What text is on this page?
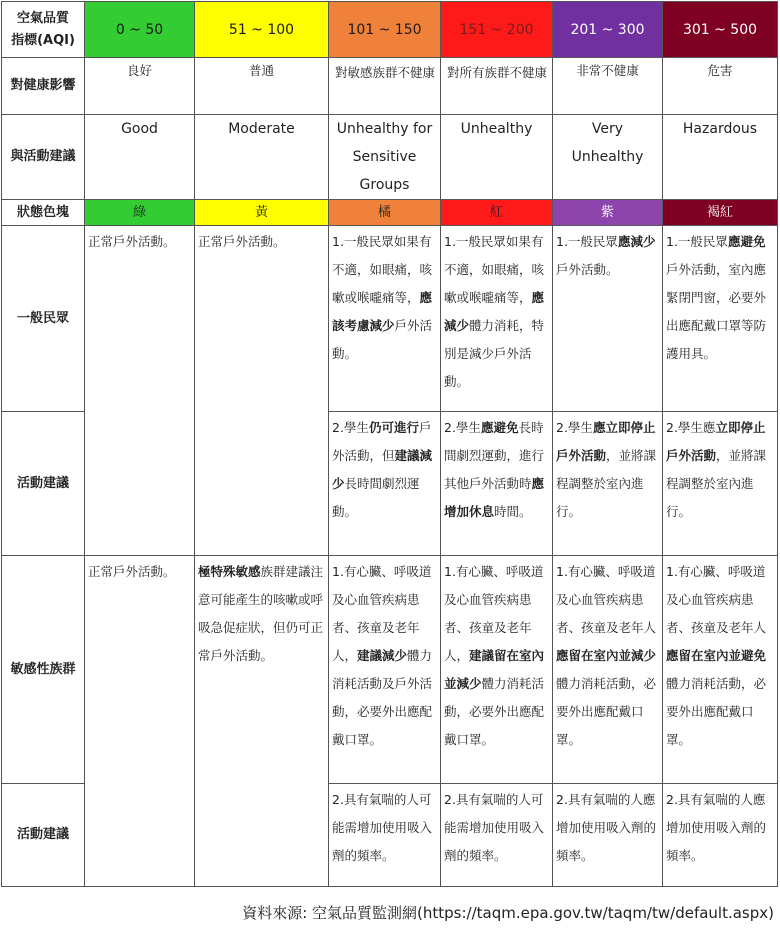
空氣品質
指標(AQI)	0 ~ 50	51 ~ 100	101 ~ 150	151 ~ 200	201 ~ 300	301 ~ 500
對健康影響	良好	普通	對敏感族群不健康	對所有族群不健康	非常不健康	危害
與活動建議	Good	Moderate	Unhealthy for Sensitive Groups	Unhealthy	Very Unhealthy	Hazardous
狀態色塊	綠	黃	橘	紅	紫	褐紅
一般民眾	正常戶外活動。	正常戶外活動。	1.一般民眾如果有不適，如眼痛，咳嗽或喉嚨痛等，應該考慮減少戶外活動。	1.一般民眾如果有不適，如眼痛，咳嗽或喉嚨痛等，應減少體力消耗，特別是減少戶外活動。	1.一般民眾應減少戶外活動。	1.一般民眾應避免戶外活動，室內應緊閉門窗，必要外出應配戴口罩等防護用具。
活動建議			2.學生仍可進行戶外活動，但建議減少長時間劇烈運動。	2.學生應避免長時間劇烈運動，進行其他戶外活動時應增加休息時間。	2.學生應立即停止戶外活動，並將課程調整於室內進行。	2.學生應立即停止戶外活動，並將課程調整於室內進行。
敏感性族群	正常戶外活動。	極特殊敏感族群建議注意可能產生的咳嗽或呼吸急促症狀，但仍可正常戶外活動。	1.有心臟、呼吸道及心血管疾病患者、孩童及老年人，建議減少體力消耗活動及戶外活動，必要外出應配戴口罩。	1.有心臟、呼吸道及心血管疾病患者、孩童及老年人，建議留在室內並減少體力消耗活動，必要外出應配戴口罩。	1.有心臟、呼吸道及心血管疾病患者、孩童及老年人應留在室內並減少體力消耗活動，必要外出應配戴口罩。	1.有心臟、呼吸道及心血管疾病患者、孩童及老年人應留在室內並避免體力消耗活動，必要外出應配戴口罩。
活動建議			2.具有氣喘的人可能需增加使用吸入劑的頻率。	2.具有氣喘的人可能需增加使用吸入劑的頻率。	2.具有氣喘的人應增加使用吸入劑的頻率。	2.具有氣喘的人應增加使用吸入劑的頻率。
資料來源: 空氣品質監測網(https://taqm.epa.gov.tw/taqm/tw/default.aspx)
